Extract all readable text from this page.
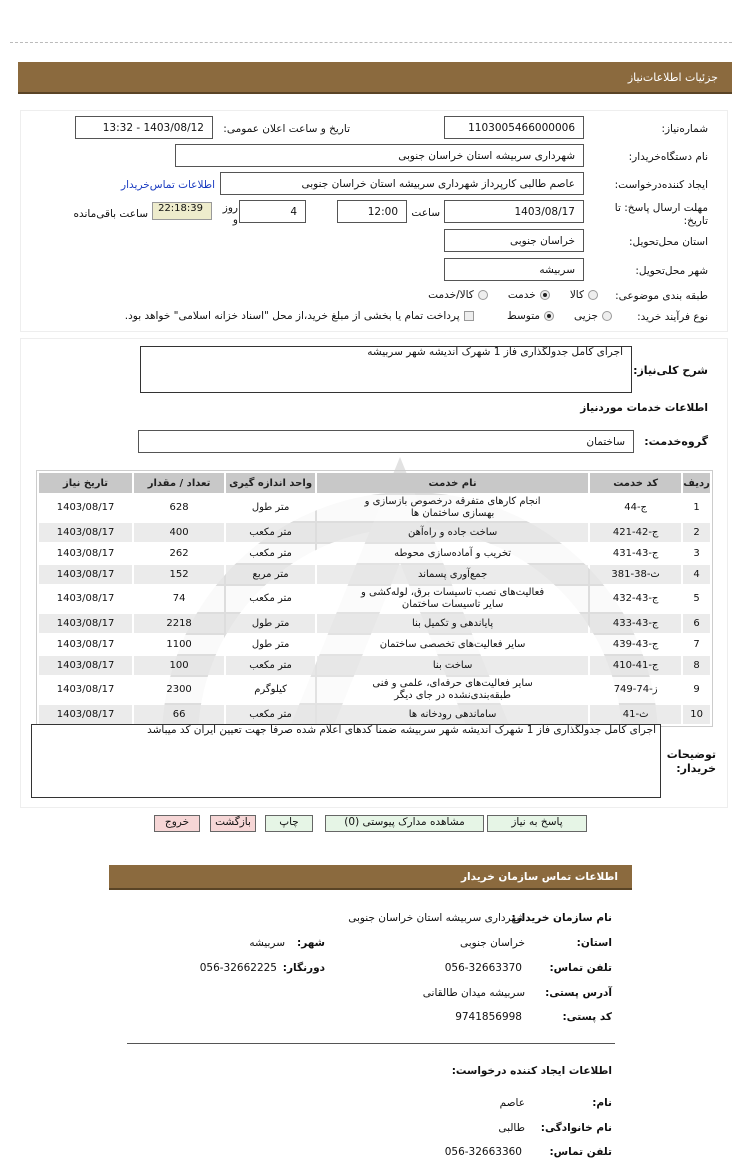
جزئیات اطلاعات‌نیاز
شماره‌نیاز:
1103005466000006
تاریخ و ساعت اعلان عمومی:
1403/08/12 - 13:32
نام دستگاه‌خریدار:
شهرداری سربیشه استان خراسان جنوبی
ایجاد کننده‌درخواست:
عاصم طالبی کارپرداز شهرداری سربیشه استان خراسان جنوبی
اطلاعات تماس‌خریدار
مهلت ارسال پاسخ: تا تاریخ:
1403/08/17
ساعت
12:00
روز و
4
22:18:39
ساعت باقی‌مانده
استان محل‌تحویل:
خراسان جنوبی
شهر محل‌تحویل:
سربیشه
طبقه بندی موضوعی:
کالا      خدمت      کالا/خدمت
نوع فرآیند خرید:
جزیی      متوسط          پرداخت تمام یا بخشی از مبلغ خرید،از محل "اسناد خزانه اسلامی" خواهد بود.
شرح کلی‌نیاز:
اجرای کامل جدولگذاری فاز 1 شهرک اندیشه شهر سربیشه
اطلاعات خدمات موردنیاز
گروه‌خدمت:
ساختمان
ردیف	کد خدمت	نام خدمت	واحد اندازه گیری	تعداد / مقدار	تاریخ نیاز
1	ج-44	انجام کارهای متفرقه درخصوص بازسازی و بهسازی ساختمان ها	متر طول	628	1403/08/17
2	ج-42-421	ساخت جاده و راه‌آهن	متر مکعب	400	1403/08/17
3	ج-43-431	تخریب و آماده‌سازی محوطه	متر مکعب	262	1403/08/17
4	ث-38-381	جمع‌آوری پسماند	متر مربع	152	1403/08/17
5	ج-43-432	فعالیت‌های نصب تاسیسات برق، لوله‌کشی و سایر تاسیسات ساختمان	متر مکعب	74	1403/08/17
6	ج-43-433	پایاندهی و تکمیل بنا	متر طول	2218	1403/08/17
7	ج-43-439	سایر فعالیت‌های تخصصی ساختمان	متر طول	1100	1403/08/17
8	ج-41-410	ساخت بنا	متر مکعب	100	1403/08/17
9	ز-74-749	سایر فعالیت‌های حرفه‌ای، علمی و فنی طبقه‌بندی‌نشده در جای دیگر	کیلوگرم	2300	1403/08/17
10	ث-41	ساماندهی رودخانه ها	متر مکعب	66	1403/08/17
توضیحات خریدار:
اجرای کامل جدولگذاری فاز 1 شهرک اندیشه شهر سربیشه ضمنا کدهای اعلام شده صرفا جهت تعیین ایران کد میباشد
پاسخ به نیاز
مشاهده مدارک پیوستی (0)
چاپ
بازگشت
خروج
اطلاعات تماس سازمان خریدار
نام سازمان خریدار:
شهرداری سربیشه استان خراسان جنوبی
استان:
خراسان جنوبی
شهر:
سربیشه
تلفن تماس:
056-32663370
دورنگار:
056-32662225
آدرس پستی:
سربیشه میدان طالقانی
کد پستی:
9741856998
اطلاعات ایجاد کننده درخواست:
نام:
عاصم
نام خانوادگی:
طالبی
تلفن تماس:
056-32663360
